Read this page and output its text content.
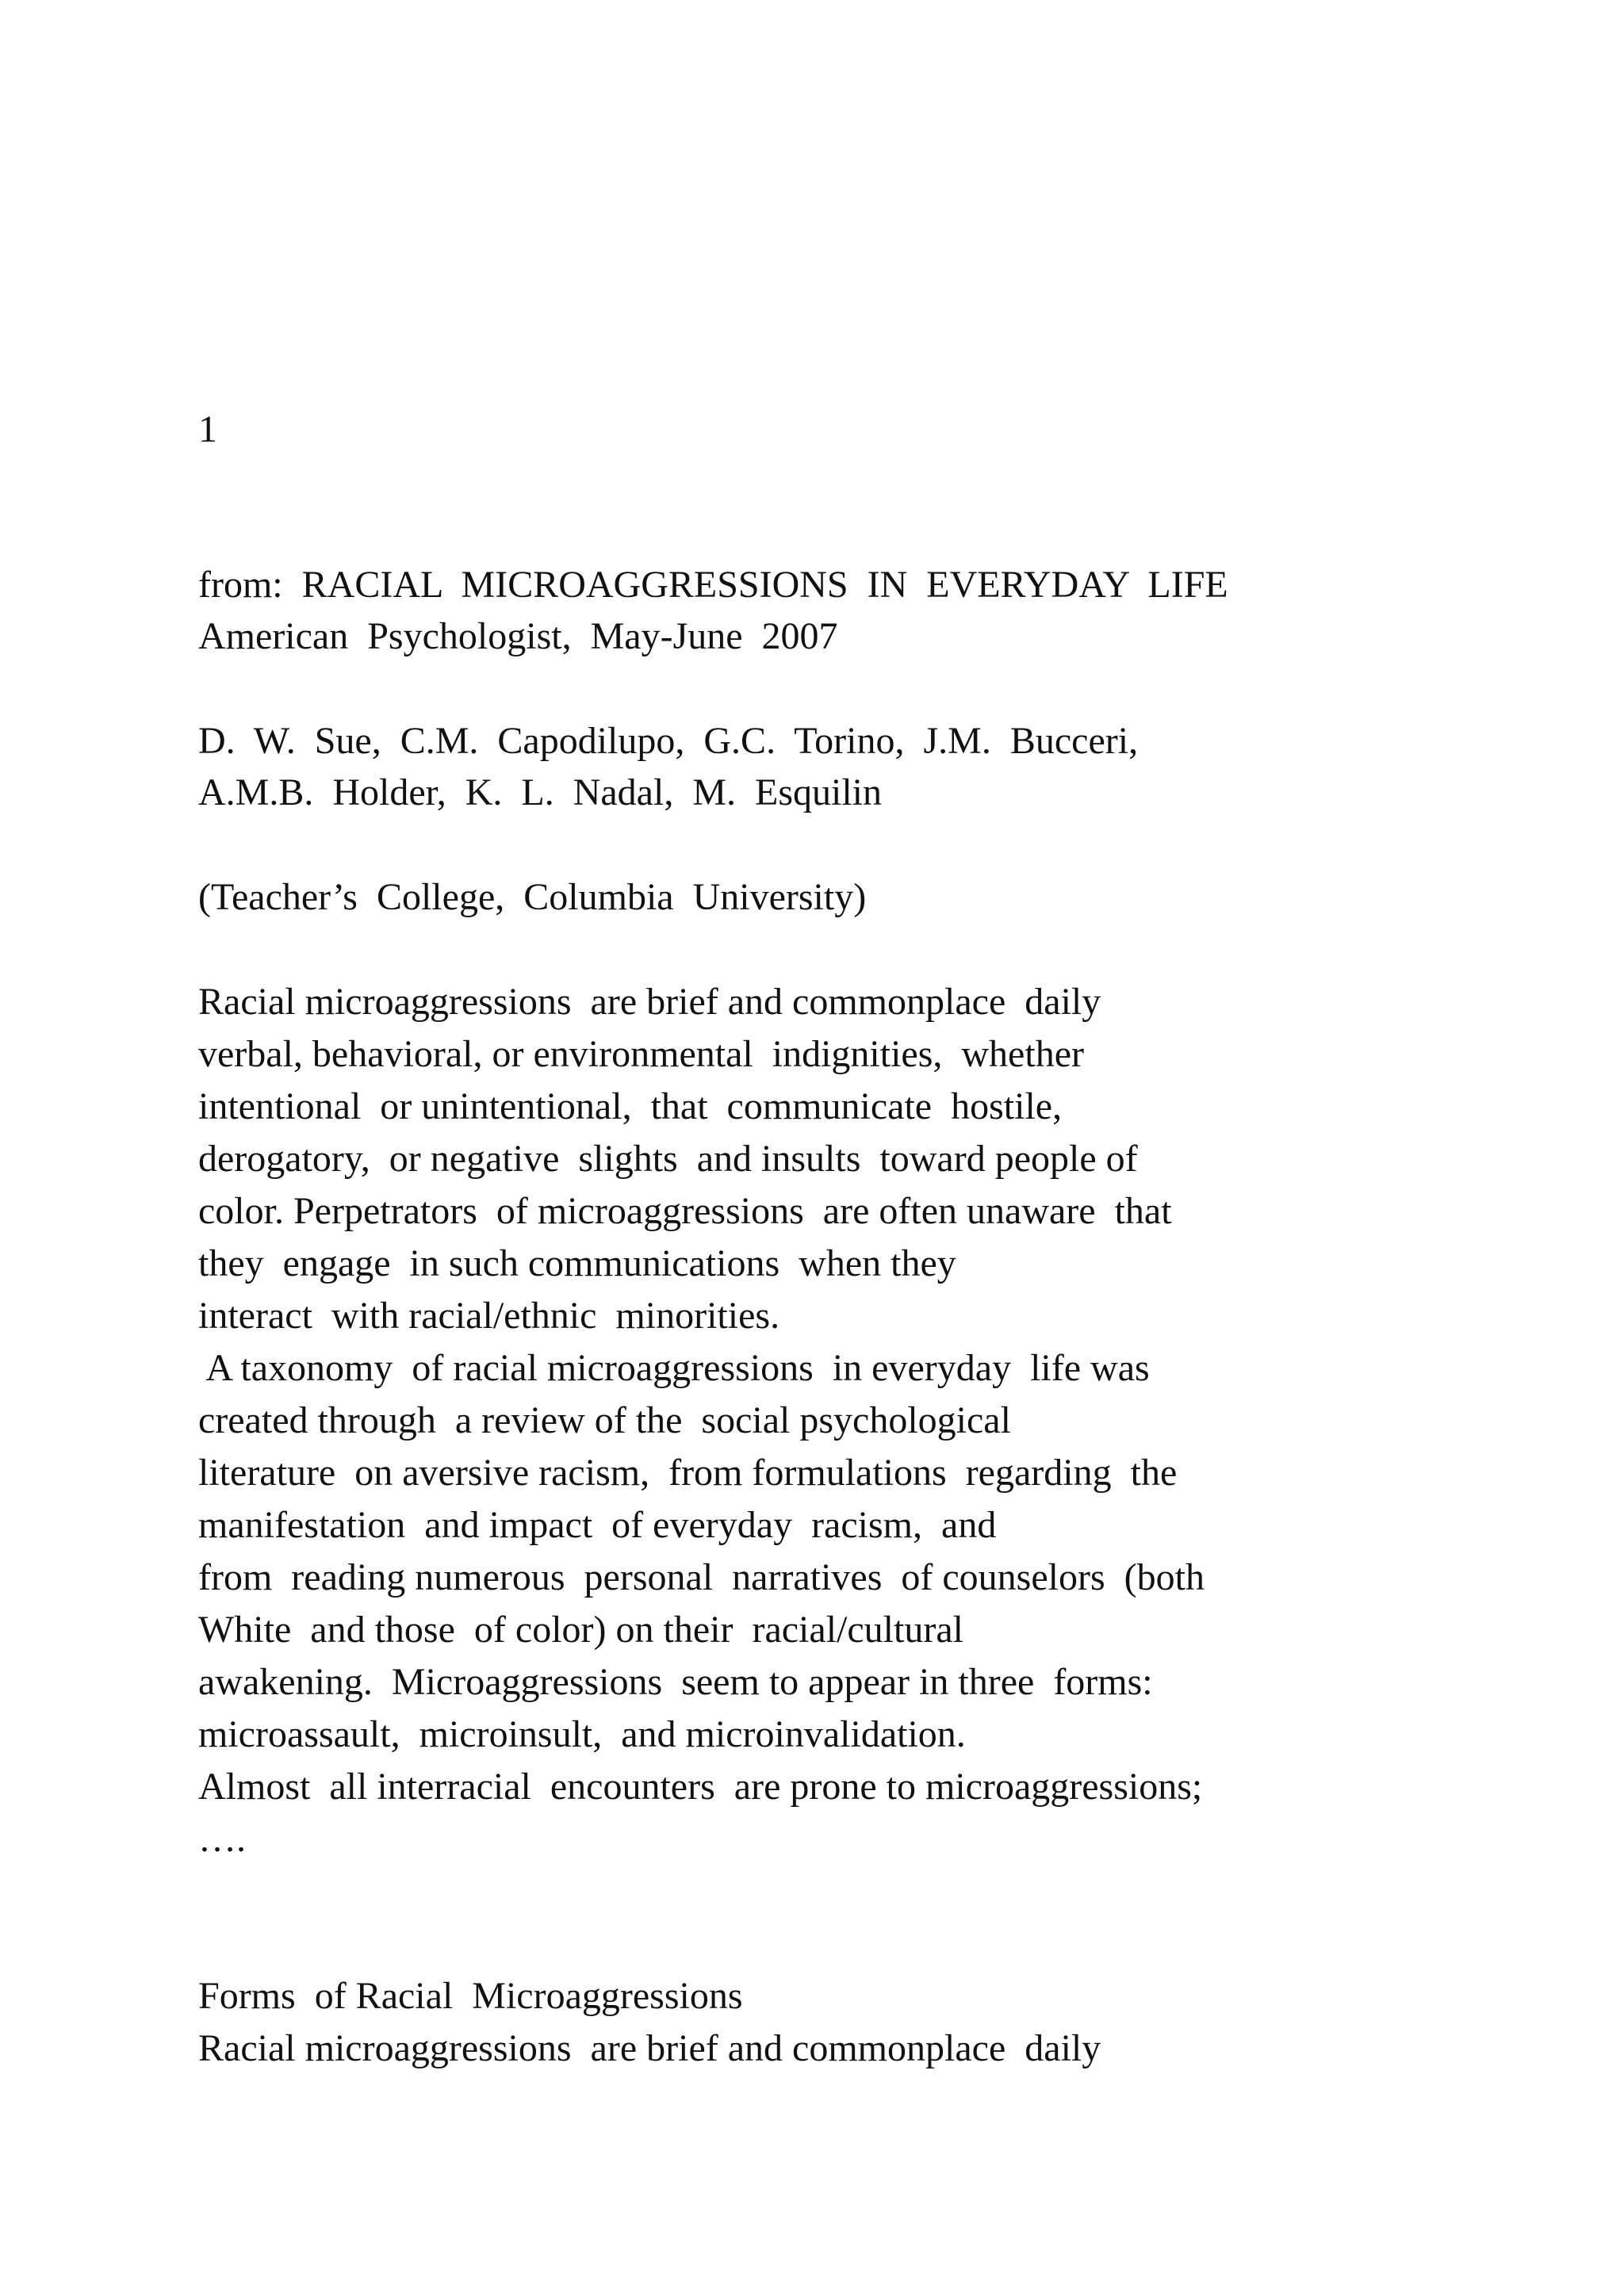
1

from:  RACIAL  MICROAGGRESSIONS  IN  EVERYDAY  LIFE

American  Psychologist,  May-June  2007

D.  W.  Sue,  C.M.  Capodilupo,  G.C.  Torino,  J.M.  Bucceri,

A.M.B.  Holder,  K.  L.  Nadal,  M.  Esquilin

(Teacher’s  College,  Columbia  University)

Racial microaggressions  are brief and commonplace  daily

verbal, behavioral, or environmental  indignities,  whether

intentional  or unintentional,  that  communicate  hostile,

derogatory,  or negative  slights  and insults  toward people of

color. Perpetrators  of microaggressions  are often unaware  that

they  engage  in such communications  when they

interact  with racial/ethnic  minorities.

A taxonomy  of racial microaggressions  in everyday  life was

created through  a review of the  social psychological

literature  on aversive racism,  from formulations  regarding  the

manifestation  and impact  of everyday  racism,  and

from  reading numerous  personal  narratives  of counselors  (both

White  and those  of color) on their  racial/cultural

awakening.  Microaggressions  seem to appear in three  forms:

microassault,  microinsult,  and microinvalidation.

Almost  all interracial  encounters  are prone to microaggressions;

….

Forms  of Racial  Microaggressions

Racial microaggressions  are brief and commonplace  daily
